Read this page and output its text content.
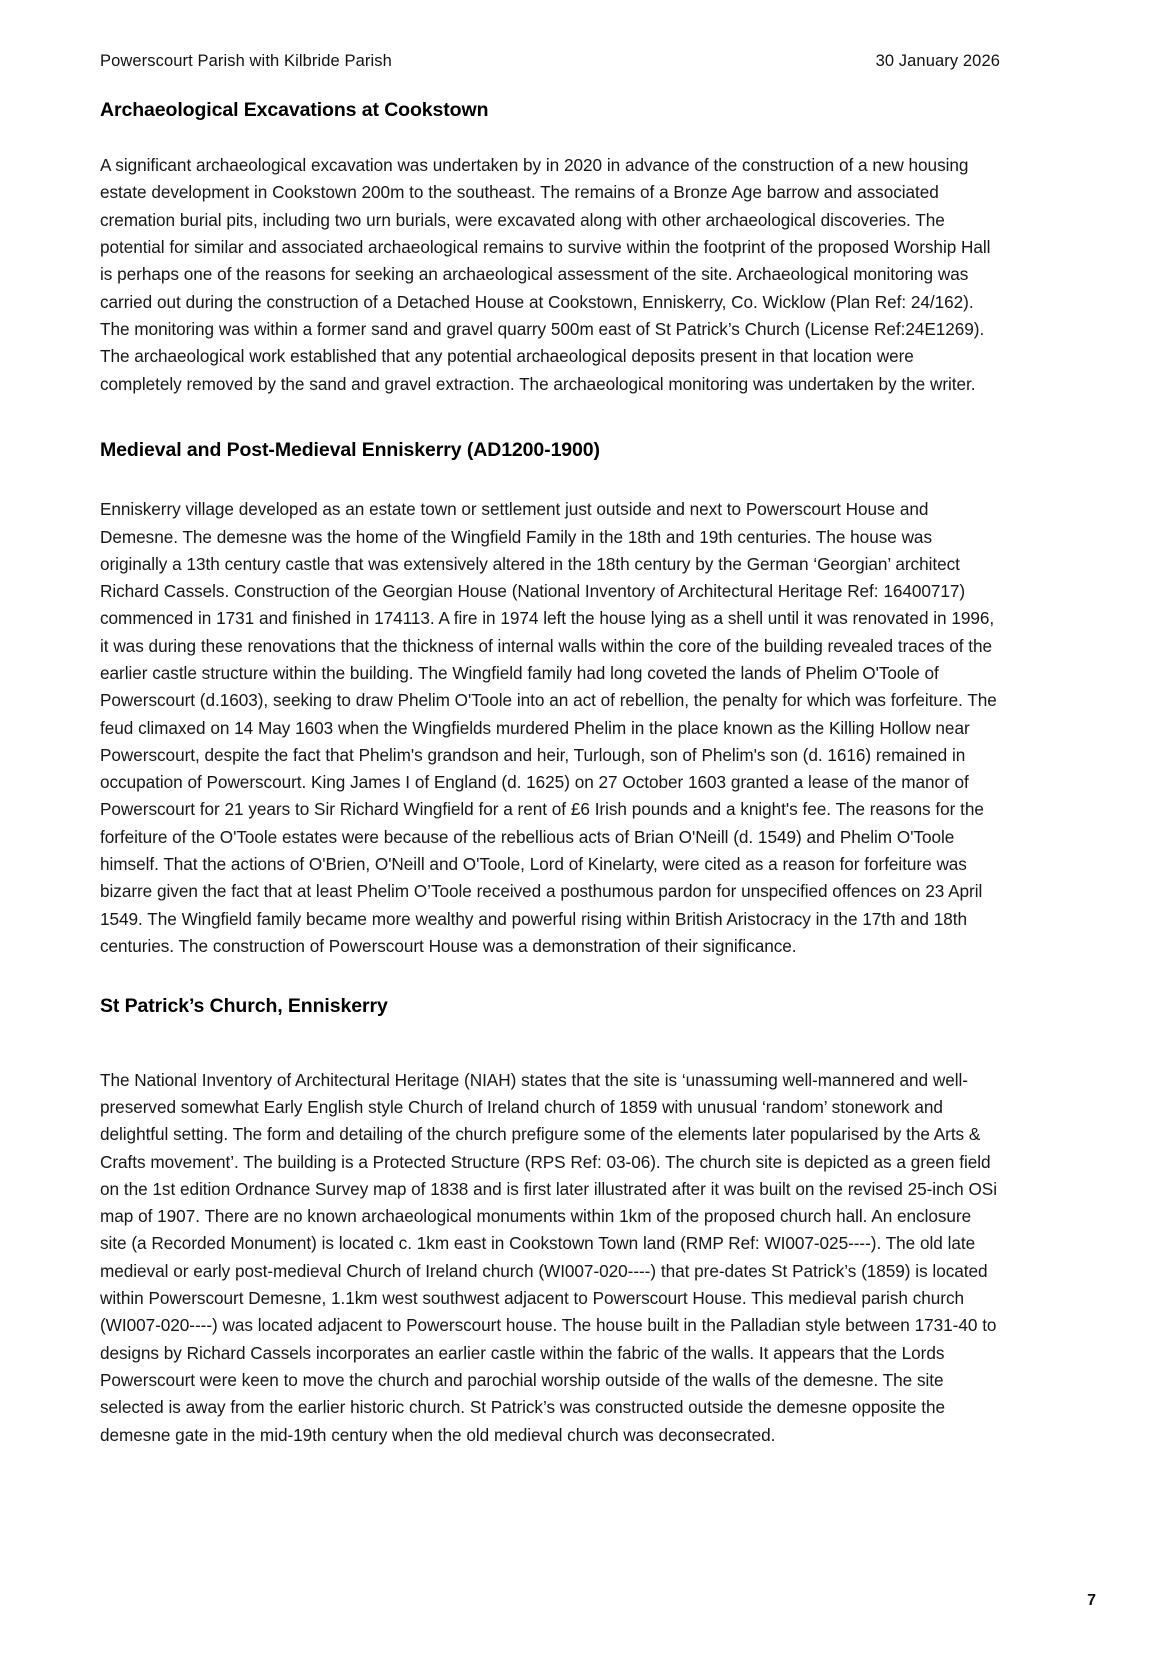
Powerscourt Parish with Kilbride Parish	30 January 2026
Archaeological Excavations at Cookstown

A significant archaeological excavation was undertaken by in 2020 in advance of the construction of a new housing estate development in Cookstown 200m to the southeast. The remains of a Bronze Age barrow and associated cremation burial pits, including two urn burials, were excavated along with other archaeological discoveries. The potential for similar and associated archaeological remains to survive within the footprint of the proposed Worship Hall is perhaps one of the reasons for seeking an archaeological assessment of the site. Archaeological monitoring was carried out during the construction of a Detached House at Cookstown, Enniskerry, Co. Wicklow (Plan Ref: 24/162). The monitoring was within a former sand and gravel quarry 500m east of St Patrick’s Church (License Ref:24E1269). The archaeological work established that any potential archaeological deposits present in that location were completely removed by the sand and gravel extraction. The archaeological monitoring was undertaken by the writer.

Medieval and Post-Medieval Enniskerry (AD1200-1900)

Enniskerry village developed as an estate town or settlement just outside and next to Powerscourt House and Demesne. The demesne was the home of the Wingfield Family in the 18th and 19th centuries. The house was originally a 13th century castle that was extensively altered in the 18th century by the German ‘Georgian’ architect Richard Cassels. Construction of the Georgian House (National Inventory of Architectural Heritage Ref: 16400717) commenced in 1731 and finished in 174113. A fire in 1974 left the house lying as a shell until it was renovated in 1996, it was during these renovations that the thickness of internal walls within the core of the building revealed traces of the earlier castle structure within the building. The Wingfield family had long coveted the lands of Phelim O'Toole of Powerscourt (d.1603), seeking to draw Phelim O'Toole into an act of rebellion, the penalty for which was forfeiture. The feud climaxed on 14 May 1603 when the Wingfields murdered Phelim in the place known as the Killing Hollow near Powerscourt, despite the fact that Phelim's grandson and heir, Turlough, son of Phelim's son (d. 1616) remained in occupation of Powerscourt. King James I of England (d. 1625) on 27 October 1603 granted a lease of the manor of Powerscourt for 21 years to Sir Richard Wingfield for a rent of £6 Irish pounds and a knight's fee. The reasons for the forfeiture of the O'Toole estates were because of the rebellious acts of Brian O'Neill (d. 1549) and Phelim O'Toole himself. That the actions of O'Brien, O'Neill and O'Toole, Lord of Kinelarty, were cited as a reason for forfeiture was bizarre given the fact that at least Phelim O’Toole received a posthumous pardon for unspecified offences on 23 April 1549. The Wingfield family became more wealthy and powerful rising within British Aristocracy in the 17th and 18th centuries. The construction of Powerscourt House was a demonstration of their significance.

St Patrick’s Church, Enniskerry

The National Inventory of Architectural Heritage (NIAH) states that the site is ‘unassuming well-mannered and well-preserved somewhat Early English style Church of Ireland church of 1859 with unusual ‘random’ stonework and delightful setting. The form and detailing of the church prefigure some of the elements later popularised by the Arts & Crafts movement’. The building is a Protected Structure (RPS Ref: 03-06). The church site is depicted as a green field on the 1st edition Ordnance Survey map of 1838 and is first later illustrated after it was built on the revised 25-inch OSi map of 1907. There are no known archaeological monuments within 1km of the proposed church hall. An enclosure site (a Recorded Monument) is located c. 1km east in Cookstown Town land (RMP Ref: WI007-025----). The old late medieval or early post-medieval Church of Ireland church (WI007-020----) that pre-dates St Patrick’s (1859) is located within Powerscourt Demesne, 1.1km west southwest adjacent to Powerscourt House. This medieval parish church (WI007-020----) was located adjacent to Powerscourt house. The house built in the Palladian style between 1731-40 to designs by Richard Cassels incorporates an earlier castle within the fabric of the walls. It appears that the Lords Powerscourt were keen to move the church and parochial worship outside of the walls of the demesne. The site selected is away from the earlier historic church. St Patrick’s was constructed outside the demesne opposite the demesne gate in the mid-19th century when the old medieval church was deconsecrated.

7
